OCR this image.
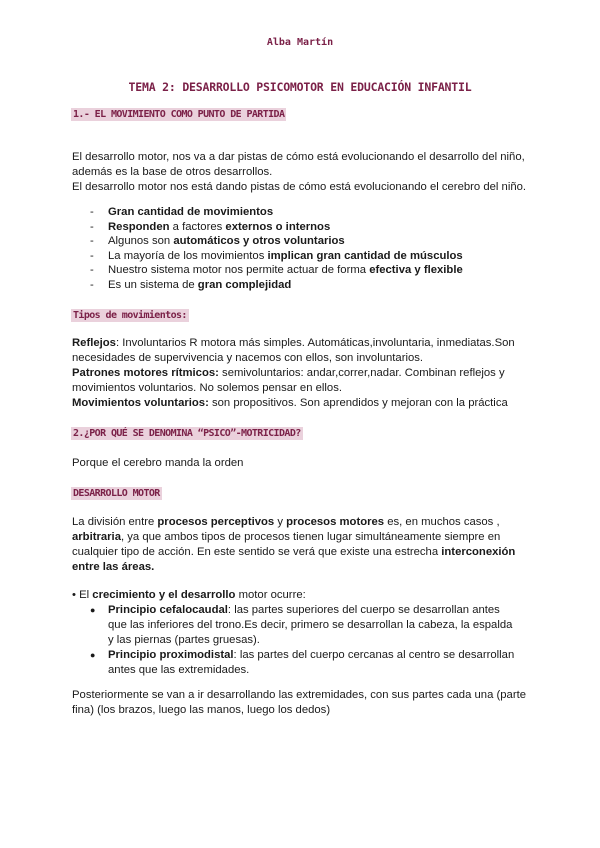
Alba Martín
TEMA 2: DESARROLLO PSICOMOTOR EN EDUCACIÓN INFANTIL
1.- EL MOVIMIENTO COMO PUNTO DE PARTIDA

El desarrollo motor, nos va a dar pistas de cómo está evolucionando el desarrollo del niño, además es la base de otros desarrollos.

El desarrollo motor nos está dando pistas de cómo está evolucionando el cerebro del niño.

- Gran cantidad de movimientos
- Responden a factores externos o internos
- Algunos son automáticos y otros voluntarios
- La mayoría de los movimientos implican gran cantidad de músculos
- Nuestro sistema motor nos permite actuar de forma efectiva y flexible
- Es un sistema de gran complejidad
Tipos de movimientos:

Reflejos: Involuntarios R motora más simples. Automáticas,involuntaria, inmediatas.Son necesidades de supervivencia y nacemos con ellos, son involuntarios.

Patrones motores rítmicos: semivoluntarios: andar,correr,nadar. Combinan reflejos y movimientos voluntarios. No solemos pensar en ellos.

Movimientos voluntarios: son propositivos. Son aprendidos y mejoran con la práctica

2.¿POR QUÉ SE DENOMINA “PSICO”-MOTRICIDAD?
Porque el cerebro manda la orden
DESARROLLO MOTOR

La división entre procesos perceptivos y procesos motores es, en muchos casos , arbitraria, ya que ambos tipos de procesos tienen lugar simultáneamente siempre en cualquier tipo de acción. En este sentido se verá que existe una estrecha interconexión entre las áreas.

• El crecimiento y el desarrollo motor ocurre:

● Principio cefalocaudal: las partes superiores del cuerpo se desarrollan antes que las inferiores del trono.Es decir, primero se desarrollan la cabeza, la espalda y las piernas (partes gruesas).
● Principio proximodistal: las partes del cuerpo cercanas al centro se desarrollan antes que las extremidades.
Posteriormente se van a ir desarrollando las extremidades, con sus partes cada una (parte fina) (los brazos, luego las manos, luego los dedos)
